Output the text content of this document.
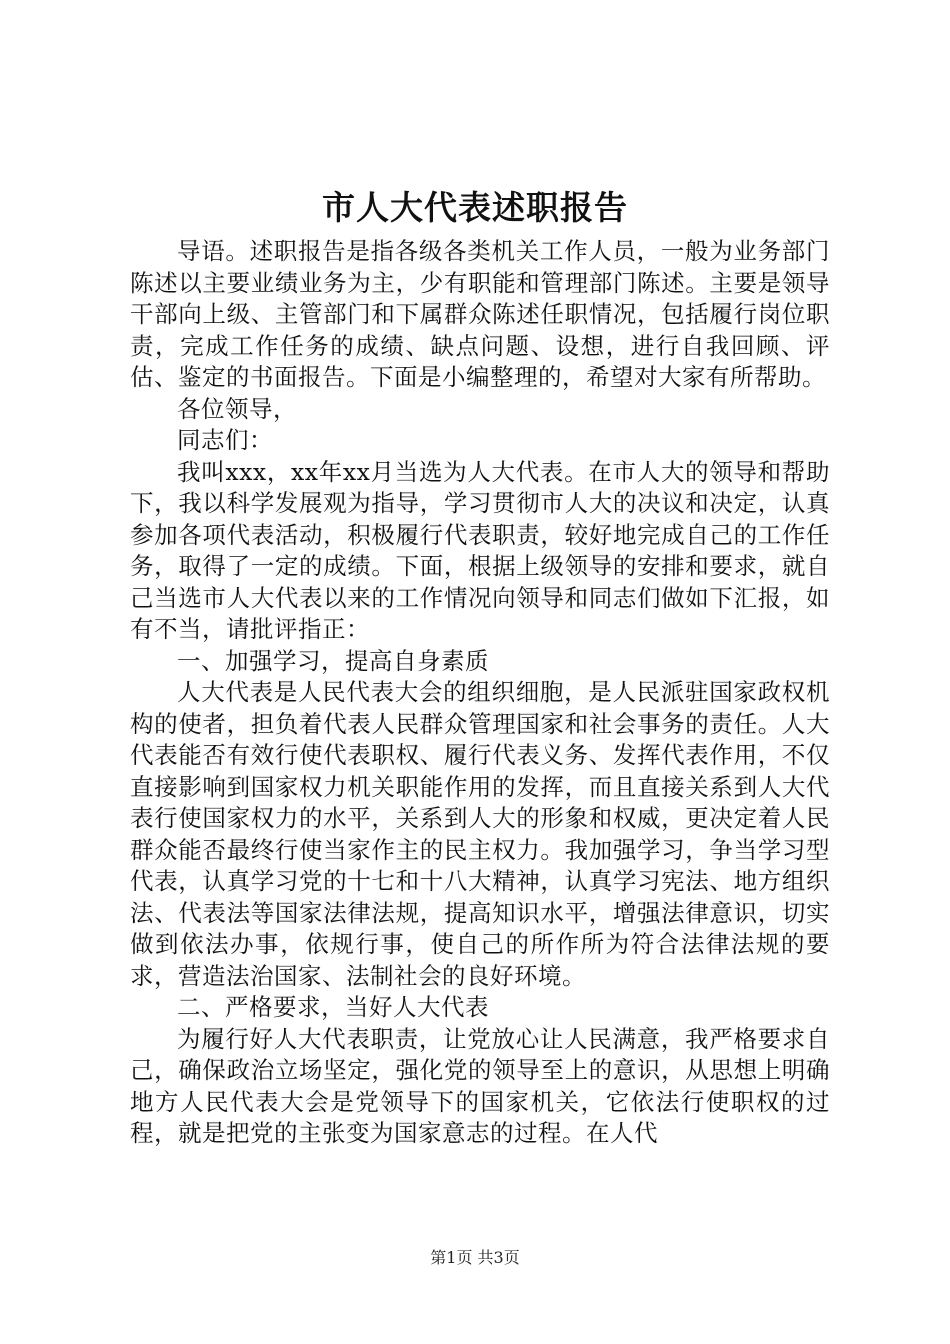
市人大代表述职报告

导语。述职报告是指各级各类机关工作人员，一般为业务部门陈述以主要业绩业务为主，少有职能和管理部门陈述。主要是领导干部向上级、主管部门和下属群众陈述任职情况，包括履行岗位职责，完成工作任务的成绩、缺点问题、设想，进行自我回顾、评估、鉴定的书面报告。下面是小编整理的，希望对大家有所帮助。

各位领导，

同志们：

我叫xxx，xx年xx月当选为人大代表。在市人大的领导和帮助下，我以科学发展观为指导，学习贯彻市人大的决议和决定，认真参加各项代表活动，积极履行代表职责，较好地完成自己的工作任务，取得了一定的成绩。下面，根据上级领导的安排和要求，就自己当选市人大代表以来的工作情况向领导和同志们做如下汇报，如有不当，请批评指正：

一、加强学习，提高自身素质

人大代表是人民代表大会的组织细胞，是人民派驻国家政权机构的使者，担负着代表人民群众管理国家和社会事务的责任。人大代表能否有效行使代表职权、履行代表义务、发挥代表作用，不仅直接影响到国家权力机关职能作用的发挥，而且直接关系到人大代表行使国家权力的水平，关系到人大的形象和权威，更决定着人民群众能否最终行使当家作主的民主权力。我加强学习，争当学习型代表，认真学习党的十七和十八大精神，认真学习宪法、地方组织法、代表法等国家法律法规，提高知识水平，增强法律意识，切实做到依法办事，依规行事，使自己的所作所为符合法律法规的要求，营造法治国家、法制社会的良好环境。

二、严格要求，当好人大代表

为履行好人大代表职责，让党放心让人民满意，我严格要求自己，确保政治立场坚定，强化党的领导至上的意识，从思想上明确地方人民代表大会是党领导下的国家机关，它依法行使职权的过程，就是把党的主张变为国家意志的过程。在人代

第1页 共3页
